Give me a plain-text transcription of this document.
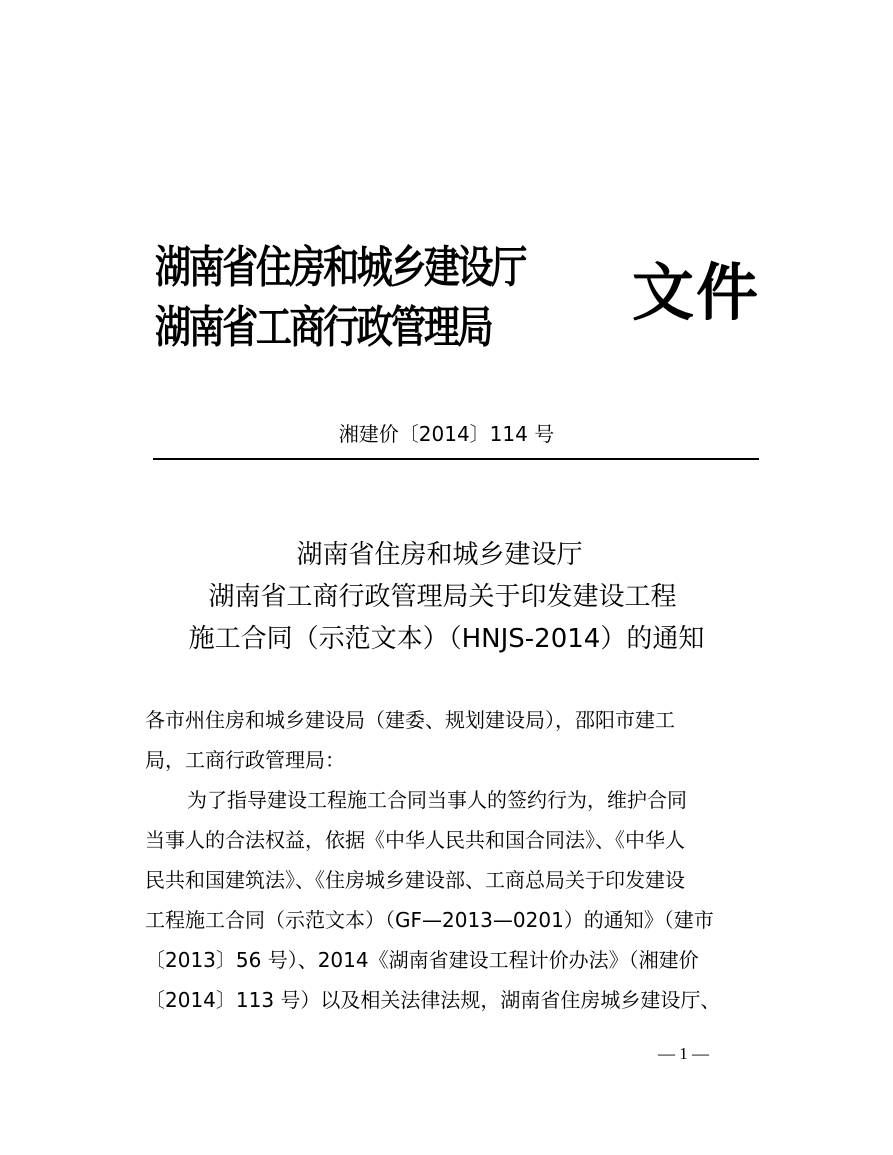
湖南省住房和城乡建设厅
湖南省工商行政管理局	文件
湘建价〔2014〕114 号
湖南省住房和城乡建设厅
湖南省工商行政管理局关于印发建设工程
施工合同（示范文本）（HNJS-2014）的通知
各市州住房和城乡建设局（建委、规划建设局），邵阳市建工
局，工商行政管理局：
为了指导建设工程施工合同当事人的签约行为，维护合同
当事人的合法权益，依据《中华人民共和国合同法》、《中华人
民共和国建筑法》、《住房城乡建设部、工商总局关于印发建设
工程施工合同（示范文本）（GF—2013—0201）的通知》（建市
〔2013〕56 号）、2014《湖南省建设工程计价办法》（湘建价
〔2014〕113 号）以及相关法律法规，湖南省住房城乡建设厅、
— 1 —
